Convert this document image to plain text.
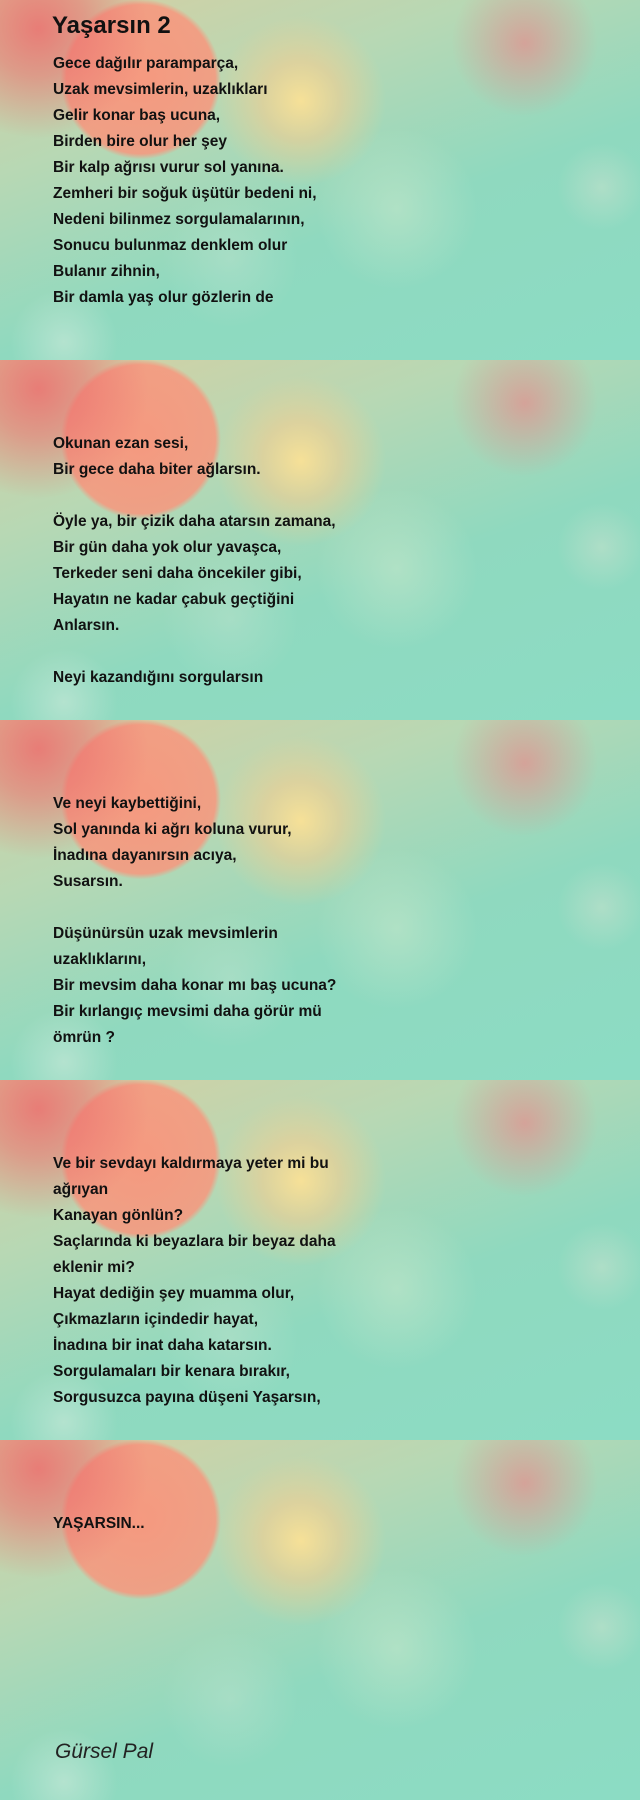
Yaşarsın 2
Gece dağılır paramparça,
Uzak mevsimlerin, uzaklıkları
Gelir konar baş ucuna,
Birden bire olur her şey
Bir kalp ağrısı vurur sol yanına.
Zemheri bir soğuk üşütür bedeni ni,
Nedeni bilinmez sorgulamalarının,
Sonucu bulunmaz denklem olur
Bulanır zihnin,
Bir damla yaş olur gözlerin de
Okunan ezan sesi,
Bir gece daha biter ağlarsın.
Öyle ya, bir çizik daha atarsın zamana,
Bir gün daha yok olur yavaşca,
Terkeder seni daha öncekiler gibi,
Hayatın ne kadar çabuk geçtiğini
Anlarsın.
Neyi kazandığını sorgularsın
Ve neyi kaybettiğini,
Sol yanında ki ağrı koluna vurur,
İnadına dayanırsın acıya,
Susarsın.
Düşünürsün uzak mevsimlerin
uzaklıklarını,
Bir mevsim daha konar mı baş ucuna?
Bir kırlangıç mevsimi daha görür mü
ömrün ?
Ve bir sevdayı kaldırmaya yeter mi bu
ağrıyan
Kanayan gönlün?
Saçlarında ki beyazlara bir beyaz daha
eklenir mi?
Hayat dediğin şey muamma olur,
Çıkmazların içindedir hayat,
İnadına bir inat daha katarsın.
Sorgulamaları bir kenara bırakır,
Sorgusuzca payına düşeni Yaşarsın,
YAŞARSIN...
Gürsel Pal
